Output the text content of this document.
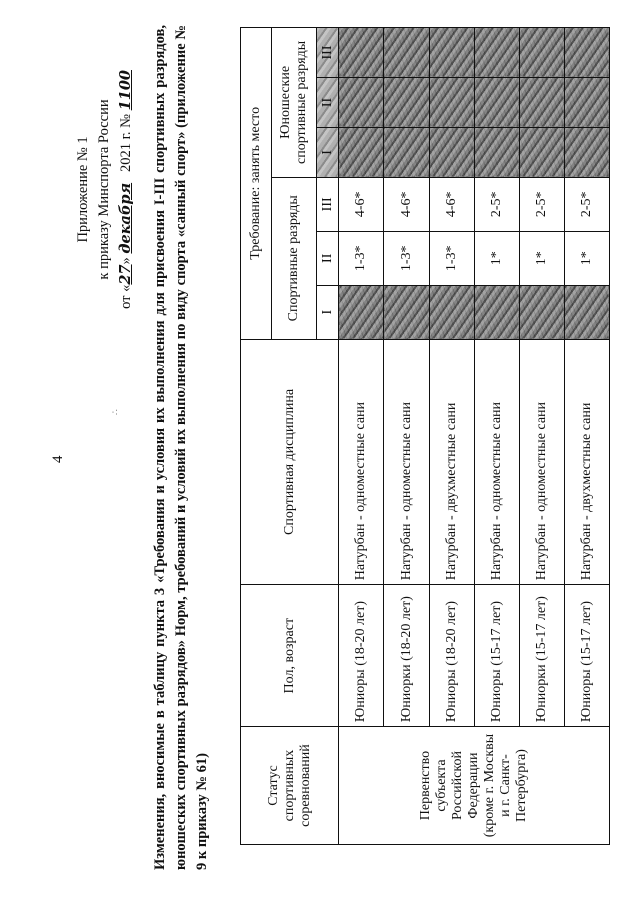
4
∴
Приложение № 1 к приказу Минспорта России
от «27» декабря   2021 г. № 1100 Изменения, вносимые в таблицу пункта 3 «Требования и условия их выполнения для присвоения I-III спортивных разрядов, юношеских спортивных разрядов» Норм, требований и условий их выполнения по виду спорта «санный спорт» (приложение № 9 к приказу № 61)	Статус спортивных соревнований	Пол, возраст	Спортивная дисциплина	Требование: занять место					
			Спортивные разряды			Юношеские спортивные разряды		
			I	II	III	I	II	III
Первенство субъекта Российской Федерации (кроме г. Москвы и г. Санкт-Петербурга)	Юниоры (18-20 лет)	Натурбан - одноместные сани		1-3*	4-6*			
	Юниорки (18-20 лет)	Натурбан - одноместные сани		1-3*	4-6*			
	Юниоры (18-20 лет)	Натурбан - двухместные сани		1-3*	4-6*			
	Юниоры (15-17 лет)	Натурбан - одноместные сани		1*	2-5*			
	Юниорки (15-17 лет)	Натурбан - одноместные сани		1*	2-5*			
	Юниоры (15-17 лет)	Натурбан - двухместные сани		1*	2-5*			
